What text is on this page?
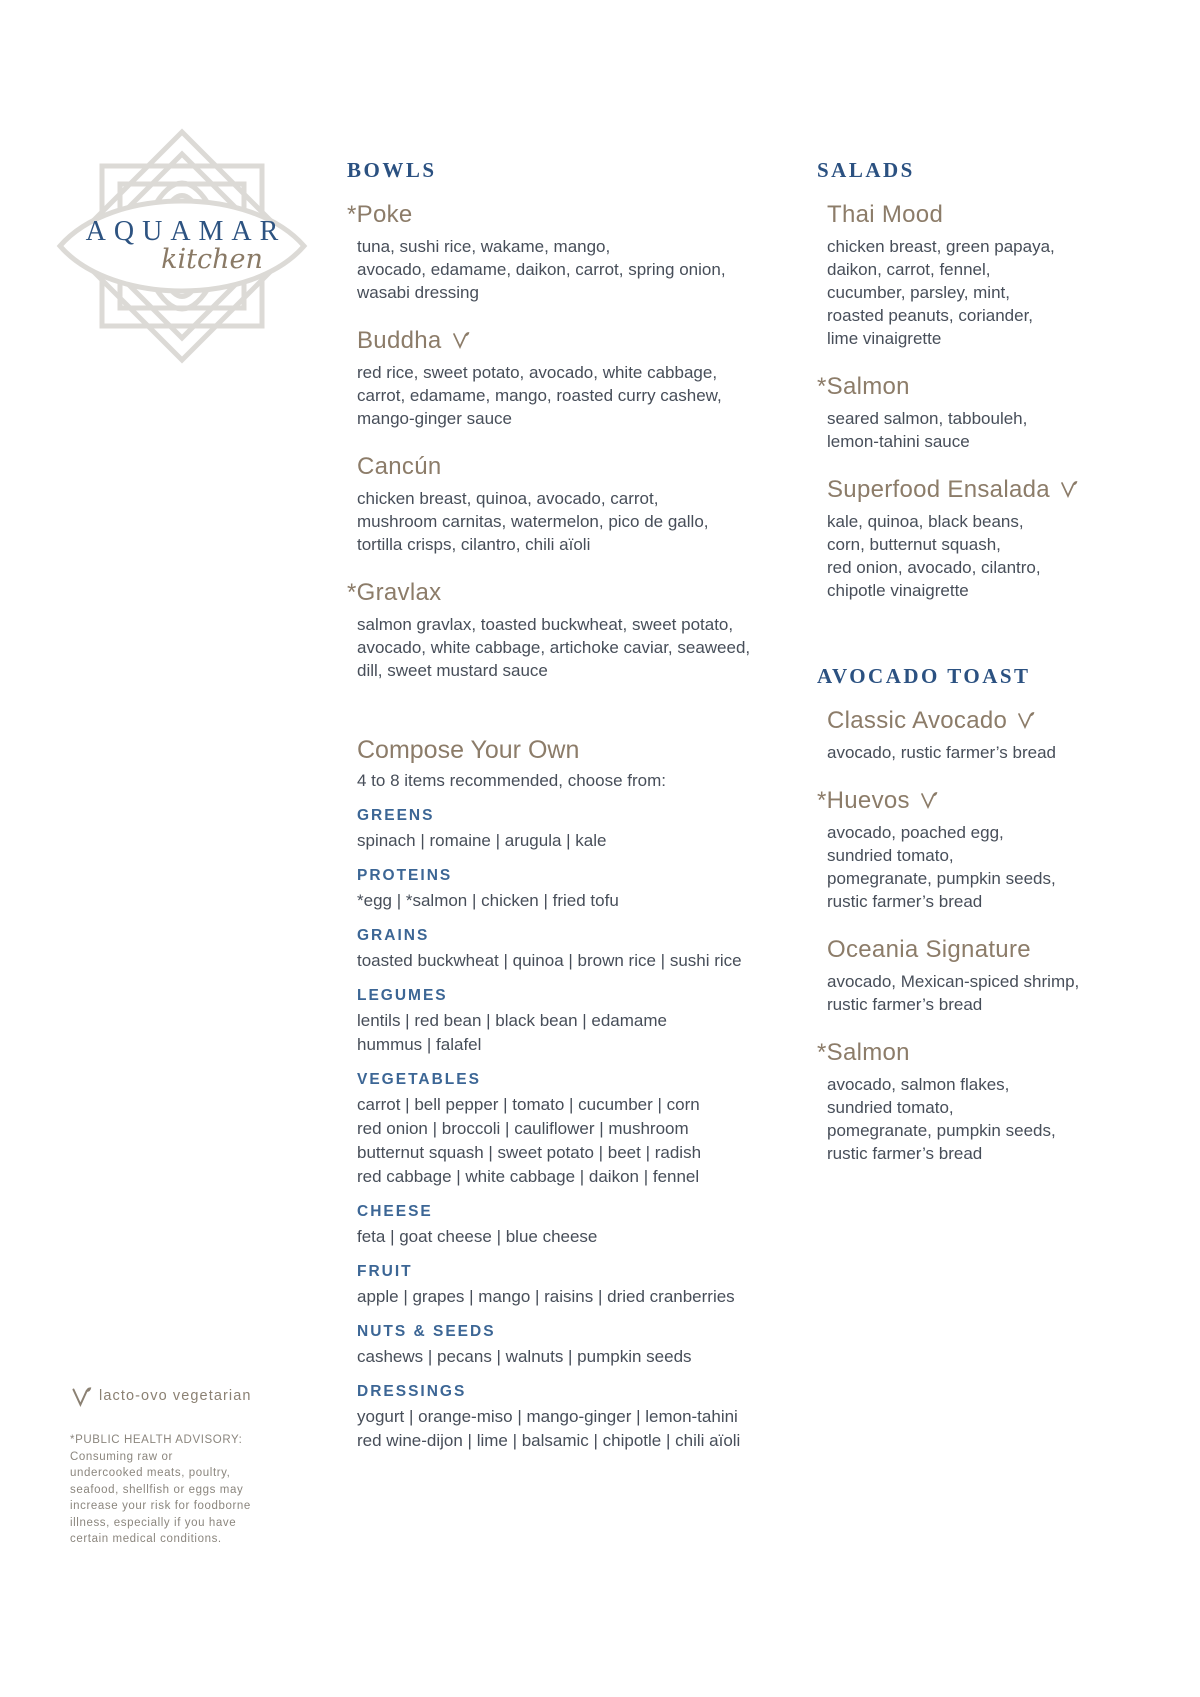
AQUAMAR
kitchen
BOWLS
*Poke
tuna, sushi rice, wakame, mango,
avocado, edamame, daikon, carrot, spring onion,
wasabi dressing
Buddha
red rice, sweet potato, avocado, white cabbage,
carrot, edamame, mango, roasted curry cashew,
mango-ginger sauce
Cancún
chicken breast, quinoa, avocado, carrot,
mushroom carnitas, watermelon, pico de gallo,
tortilla crisps, cilantro, chili aïoli
*Gravlax
salmon gravlax, toasted buckwheat, sweet potato,
avocado, white cabbage, artichoke caviar, seaweed,
dill, sweet mustard sauce
Compose Your Own
4 to 8 items recommended, choose from:
GREENS
spinach | romaine | arugula | kale
PROTEINS
*egg | *salmon | chicken | fried tofu
GRAINS
toasted buckwheat | quinoa | brown rice | sushi rice
LEGUMES
lentils | red bean | black bean | edamame
hummus | falafel
VEGETABLES
carrot | bell pepper | tomato | cucumber | corn
red onion | broccoli | cauliflower | mushroom
butternut squash | sweet potato | beet | radish
red cabbage | white cabbage | daikon | fennel
CHEESE
feta | goat cheese | blue cheese
FRUIT
apple | grapes | mango | raisins | dried cranberries
NUTS & SEEDS
cashews | pecans | walnuts | pumpkin seeds
DRESSINGS
yogurt | orange-miso | mango-ginger | lemon-tahini
red wine-dijon | lime | balsamic | chipotle | chili aïoli
SALADS
Thai Mood
chicken breast, green papaya,
daikon, carrot, fennel,
cucumber, parsley, mint,
roasted peanuts, coriander,
lime vinaigrette
*Salmon
seared salmon, tabbouleh,
lemon-tahini sauce
Superfood Ensalada
kale, quinoa, black beans,
corn, butternut squash,
red onion, avocado, cilantro,
chipotle vinaigrette
AVOCADO TOAST
Classic Avocado
avocado, rustic farmer’s bread
*Huevos
avocado, poached egg,
sundried tomato,
pomegranate, pumpkin seeds,
rustic farmer’s bread
Oceania Signature
avocado, Mexican-spiced shrimp,
rustic farmer’s bread
*Salmon
avocado, salmon flakes,
sundried tomato,
pomegranate, pumpkin seeds,
rustic farmer’s bread
lacto-ovo vegetarian
*PUBLIC HEALTH ADVISORY:
Consuming raw or
undercooked meats, poultry,
seafood, shellfish or eggs may
increase your risk for foodborne
illness, especially if you have
certain medical conditions.
